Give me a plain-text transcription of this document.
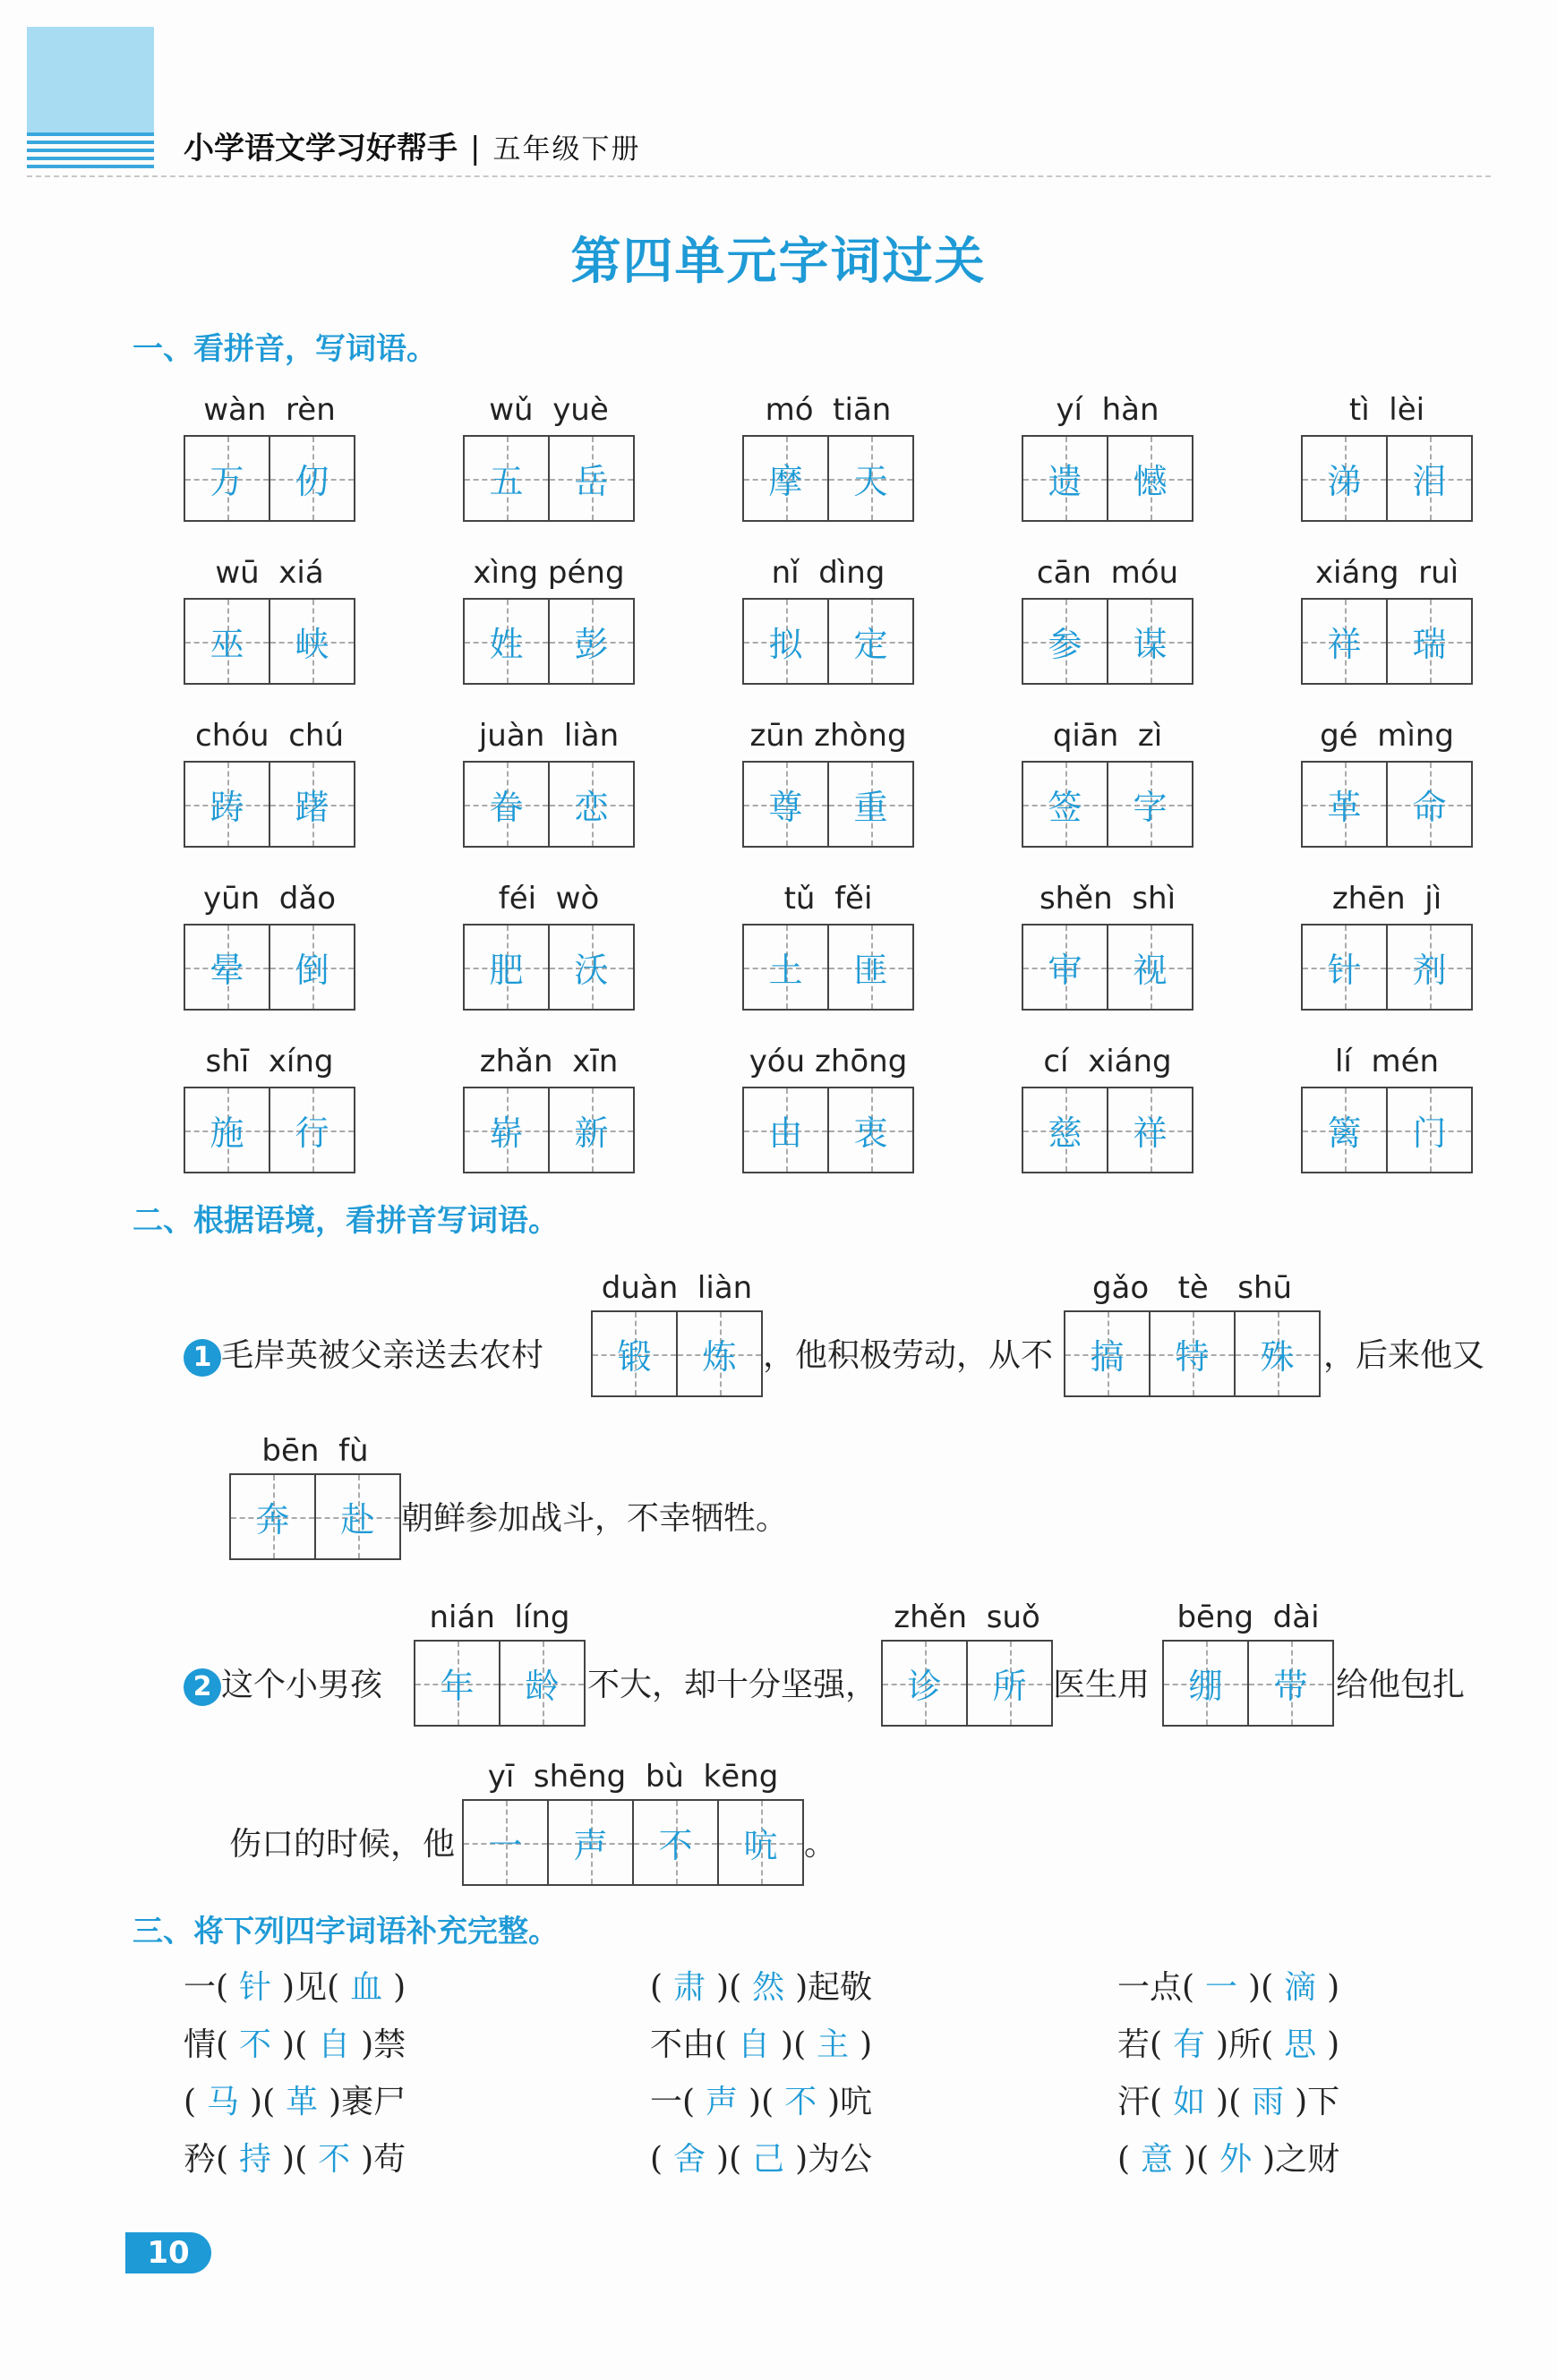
小学语文学习好帮手 | 五年级下册
第四单元字词过关
一、看拼音，写词语。
wàn  rèn
万 仞
wǔ  yuè
五 岳
mó  tiān
摩 天
yí  hàn
遗 憾
tì  lèi
涕 泪
wū  xiá
巫 峡
xìng péng
姓 彭
nǐ  dìng
拟 定
cān  móu
参 谋
xiáng  ruì
祥 瑞
chóu  chú
踌 躇
juàn  liàn
眷 恋
zūn zhòng
尊 重
qiān  zì
签 字
gé  mìng
革 命
yūn  dǎo
晕 倒
féi  wò
肥 沃
tǔ  fěi
土 匪
shěn  shì
审 视
zhēn  jì
针 剂
shī  xíng
施 行
zhǎn  xīn
崭 新
yóu zhōng
由 衷
cí  xiáng
慈 祥
lí  mén
篱 门
二、根据语境，看拼音写词语。
1 毛岸英被父亲送去农村
duàn  liàn
锻 炼 ，他积极劳动，从不
gǎo   tè   shū
搞 特 殊 ，后来他又
bēn  fù
奔 赴 朝鲜参加战斗，不幸牺牲。
2 这个小男孩
nián  líng
年 龄 不大，却十分坚强，
zhěn  suǒ
诊 所 医生用
bēng  dài
绷 带 给他包扎
伤口的时候，他
yī  shēng  bù  kēng
一 声 不 吭 。
三、将下列四字词语补充完整。
一( 针 )见( 血 )	( 肃 )( 然 )起敬	一点( 一 )( 滴 )
情( 不 )( 自 )禁	不由( 自 )( 主 )	若( 有 )所( 思 )
( 马 )( 革 )裹尸	一( 声 )( 不 )吭	汗( 如 )( 雨 )下
矜( 持 )( 不 )苟	( 舍 )( 己 )为公	( 意 )( 外 )之财
10
